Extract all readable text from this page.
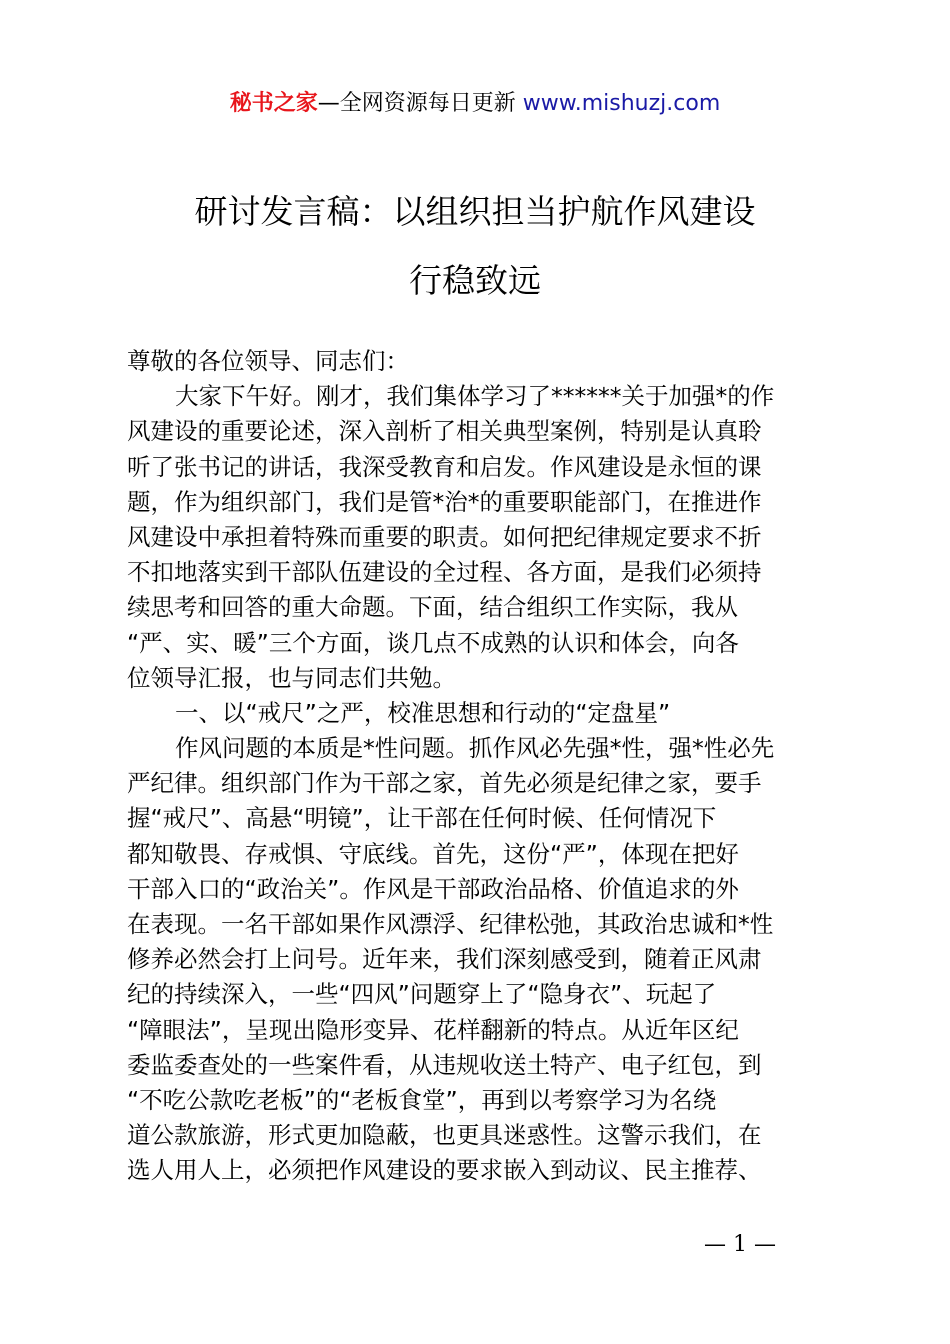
秘书之家—全网资源每日更新 www.mishuzj.com
研讨发言稿：以组织担当护航作风建设
行稳致远
尊敬的各位领导、同志们：
大家下午好。刚才，我们集体学习了******关于加强*的作
风建设的重要论述，深入剖析了相关典型案例，特别是认真聆
听了张书记的讲话，我深受教育和启发。作风建设是永恒的课
题，作为组织部门，我们是管*治*的重要职能部门，在推进作
风建设中承担着特殊而重要的职责。如何把纪律规定要求不折
不扣地落实到干部队伍建设的全过程、各方面，是我们必须持
续思考和回答的重大命题。下面，结合组织工作实际，我从
“严、实、暖”三个方面，谈几点不成熟的认识和体会，向各
位领导汇报，也与同志们共勉。
一、以“戒尺”之严，校准思想和行动的“定盘星”
作风问题的本质是*性问题。抓作风必先强*性，强*性必先
严纪律。组织部门作为干部之家，首先必须是纪律之家，要手
握“戒尺”、高悬“明镜”，让干部在任何时候、任何情况下
都知敬畏、存戒惧、守底线。首先，这份“严”，体现在把好
干部入口的“政治关”。作风是干部政治品格、价值追求的外
在表现。一名干部如果作风漂浮、纪律松弛，其政治忠诚和*性
修养必然会打上问号。近年来，我们深刻感受到，随着正风肃
纪的持续深入，一些“四风”问题穿上了“隐身衣”、玩起了
“障眼法”，呈现出隐形变异、花样翻新的特点。从近年区纪
委监委查处的一些案件看，从违规收送土特产、电子红包，到
“不吃公款吃老板”的“老板食堂”，再到以考察学习为名绕
道公款旅游，形式更加隐蔽，也更具迷惑性。这警示我们，在
选人用人上，必须把作风建设的要求嵌入到动议、民主推荐、
— 1 —
